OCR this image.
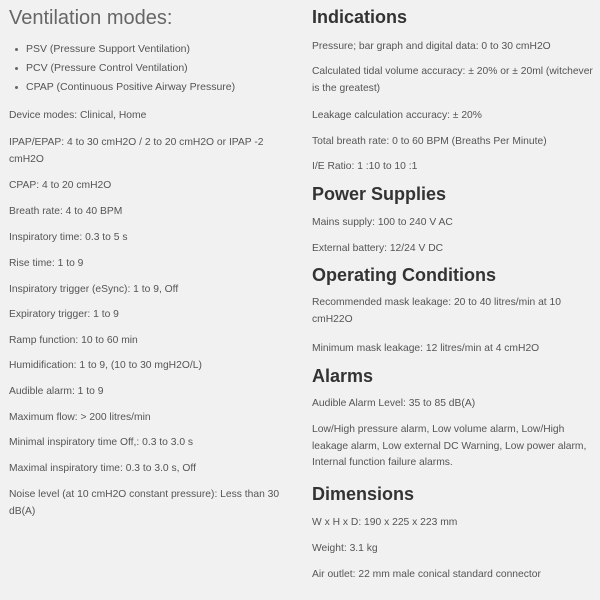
Ventilation modes:
PSV (Pressure Support Ventilation)
PCV (Pressure Control Ventilation)
CPAP (Continuous Positive Airway Pressure)

Device modes: Clinical, Home

IPAP/EPAP: 4 to 30 cmH2O / 2 to 20 cmH2O or IPAP -2 cmH2O

CPAP: 4 to 20 cmH2O

Breath rate: 4 to 40 BPM

Inspiratory time: 0.3 to 5 s

Rise time: 1 to 9

Inspiratory trigger (eSync): 1 to 9, Off

Expiratory trigger: 1 to 9

Ramp function: 10 to 60 min

Humidification: 1 to 9, (10 to 30 mgH2O/L)

Audible alarm: 1 to 9

Maximum flow: > 200 litres/min

Minimal inspiratory time Off,: 0.3 to 3.0 s

Maximal inspiratory time: 0.3 to 3.0 s, Off

Noise level (at 10 cmH2O constant pressure): Less than 30 dB(A)

Indications

Pressure; bar graph and digital data: 0 to 30 cmH2O

Calculated tidal volume accuracy: ± 20% or ± 20ml (witchever is the greatest)

Leakage calculation accuracy: ± 20%

Total breath rate: 0 to 60 BPM (Breaths Per Minute)

I/E Ratio: 1 :10 to 10 :1

Power Supplies

Mains supply: 100 to 240 V AC

External battery: 12/24 V DC

Operating Conditions

Recommended mask leakage: 20 to 40 litres/min at 10 cmH22O

Minimum mask leakage: 12 litres/min at 4 cmH2O

Alarms

Audible Alarm Level: 35 to 85 dB(A)

Low/High pressure alarm, Low volume alarm, Low/High leakage alarm, Low external DC Warning, Low power alarm, Internal function failure alarms.

Dimensions

W x H x D: 190 x 225 x 223 mm

Weight: 3.1 kg

Air outlet: 22 mm male conical standard connector
